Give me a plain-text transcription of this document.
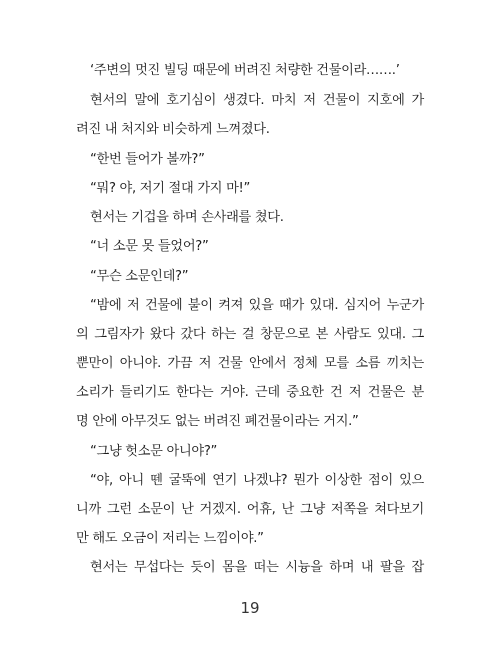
‘주변의 멋진 빌딩 때문에 버려진 처량한 건물이라…….’
현서의 말에 호기심이 생겼다. 마치 저 건물이 지호에 가
려진 내 처지와 비슷하게 느껴졌다.
“한번 들어가 볼까?”
“뭐? 야, 저기 절대 가지 마!”
현서는 기겁을 하며 손사래를 쳤다.
“너 소문 못 들었어?”
“무슨 소문인데?”
“밤에 저 건물에 불이 켜져 있을 때가 있대. 심지어 누군가
의 그림자가 왔다 갔다 하는 걸 창문으로 본 사람도 있대. 그
뿐만이 아니야. 가끔 저 건물 안에서 정체 모를 소름 끼치는
소리가 들리기도 한다는 거야. 근데 중요한 건 저 건물은 분
명 안에 아무것도 없는 버려진 폐건물이라는 거지.”
“그냥 헛소문 아니야?”
“야, 아니 뗀 굴뚝에 연기 나겠냐? 뭔가 이상한 점이 있으
니까 그런 소문이 난 거겠지. 어휴, 난 그냥 저쪽을 쳐다보기
만 해도 오금이 저리는 느낌이야.”
현서는 무섭다는 듯이 몸을 떠는 시늉을 하며 내 팔을 잡
19
